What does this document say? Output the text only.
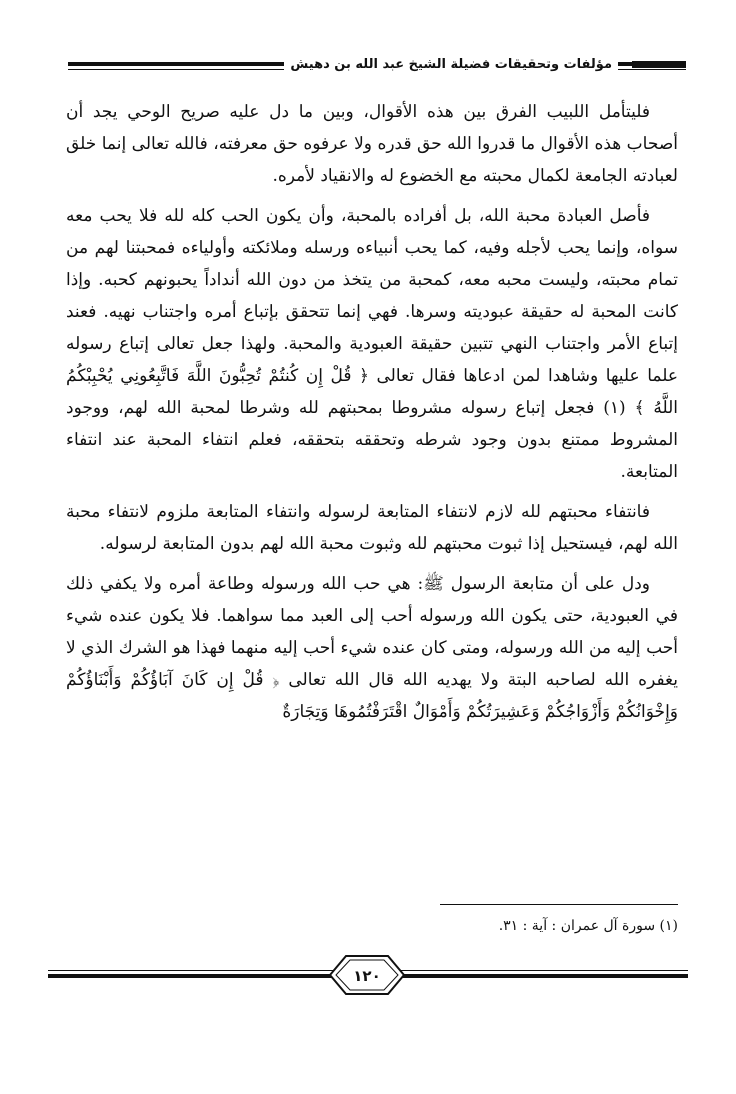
مؤلفات وتحقيقات فضيلة الشيخ عبد الله بن دهيش

فليتأمل اللبيب الفرق بين هذه الأقوال، وبين ما دل عليه صريح الوحي يجد أن أصحاب هذه الأقوال ما قدروا الله حق قدره ولا عرفوه حق معرفته، فالله تعالى إنما خلق لعبادته الجامعة لكمال محبته مع الخضوع له والانقياد لأمره.

فأصل العبادة محبة الله، بل أفراده بالمحبة، وأن يكون الحب كله لله فلا يحب معه سواه، وإنما يحب لأجله وفيه، كما يحب أنبياءه ورسله وملائكته وأولياءه فمحبتنا لهم من تمام محبته، وليست محبه معه، كمحبة من يتخذ من دون الله أنداداً يحبونهم كحبه. وإذا كانت المحبة له حقيقة عبوديته وسرها. فهي إنما تتحقق بإتباع أمره واجتناب نهيه. فعند إتباع الأمر واجتناب النهي تتبين حقيقة العبودية والمحبة. ولهذا جعل تعالى إتباع رسوله علما عليها وشاهدا لمن ادعاها فقال تعالى ﴿ قُلْ إِن كُنتُمْ تُحِبُّونَ اللَّهَ فَاتَّبِعُونِي يُحْبِبْكُمُ اللَّهُ ﴾ (١) فجعل إتباع رسوله مشروطا بمحبتهم لله وشرطا لمحبة الله لهم، ووجود المشروط ممتنع بدون وجود شرطه وتحققه بتحققه، فعلم انتفاء المحبة عند انتفاء المتابعة.

فانتفاء محبتهم لله لازم لانتفاء المتابعة لرسوله وانتفاء المتابعة ملزوم لانتفاء محبة الله لهم، فيستحيل إذا ثبوت محبتهم لله وثبوت محبة الله لهم بدون المتابعة لرسوله.

ودل على أن متابعة الرسول ﷺ: هي حب الله ورسوله وطاعة أمره ولا يكفي ذلك في العبودية، حتى يكون الله ورسوله أحب إلى العبد مما سواهما. فلا يكون عنده شيء أحب إليه من الله ورسوله، ومتى كان عنده شيء أحب إليه منهما فهذا هو الشرك الذي لا يغفره الله لصاحبه البتة ولا يهديه الله قال الله تعالى ﴿ قُلْ إِن كَانَ آبَاؤُكُمْ وَأَبْنَاؤُكُمْ وَإِخْوَانُكُمْ وَأَزْوَاجُكُمْ وَعَشِيرَتُكُمْ وَأَمْوَالٌ اقْتَرَفْتُمُوهَا وَتِجَارَةٌ

(١) سورة آل عمران : آية : ٣١.
١٢٠
